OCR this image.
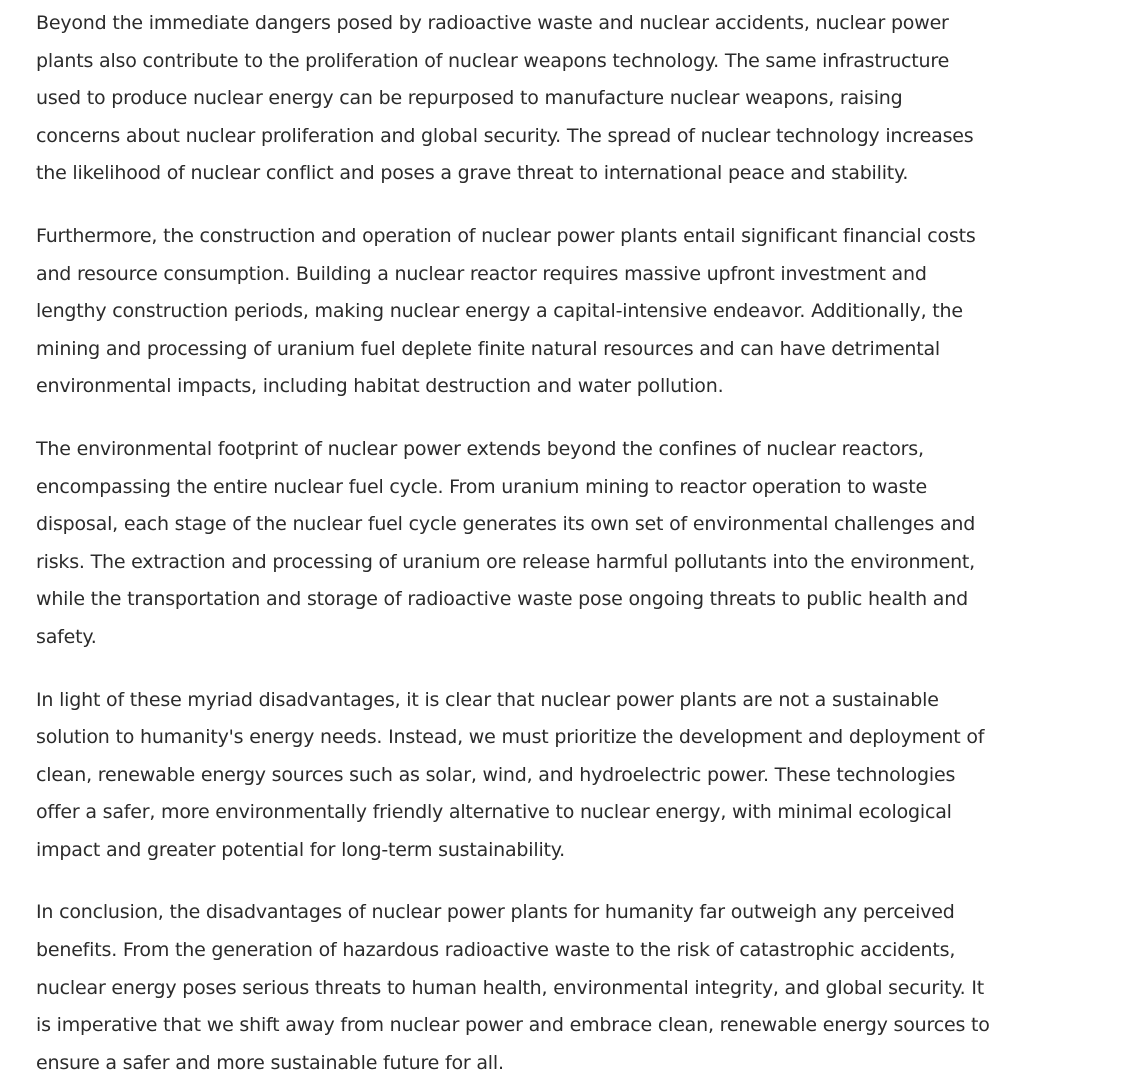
Beyond the immediate dangers posed by radioactive waste and nuclear accidents, nuclear power plants also contribute to the proliferation of nuclear weapons technology. The same infrastructure used to produce nuclear energy can be repurposed to manufacture nuclear weapons, raising concerns about nuclear proliferation and global security. The spread of nuclear technology increases the likelihood of nuclear conflict and poses a grave threat to international peace and stability.

Furthermore, the construction and operation of nuclear power plants entail significant financial costs and resource consumption. Building a nuclear reactor requires massive upfront investment and lengthy construction periods, making nuclear energy a capital-intensive endeavor. Additionally, the mining and processing of uranium fuel deplete finite natural resources and can have detrimental environmental impacts, including habitat destruction and water pollution.

The environmental footprint of nuclear power extends beyond the confines of nuclear reactors, encompassing the entire nuclear fuel cycle. From uranium mining to reactor operation to waste disposal, each stage of the nuclear fuel cycle generates its own set of environmental challenges and risks. The extraction and processing of uranium ore release harmful pollutants into the environment, while the transportation and storage of radioactive waste pose ongoing threats to public health and safety.

In light of these myriad disadvantages, it is clear that nuclear power plants are not a sustainable solution to humanity's energy needs. Instead, we must prioritize the development and deployment of clean, renewable energy sources such as solar, wind, and hydroelectric power. These technologies offer a safer, more environmentally friendly alternative to nuclear energy, with minimal ecological impact and greater potential for long-term sustainability.

In conclusion, the disadvantages of nuclear power plants for humanity far outweigh any perceived benefits. From the generation of hazardous radioactive waste to the risk of catastrophic accidents, nuclear energy poses serious threats to human health, environmental integrity, and global security. It is imperative that we shift away from nuclear power and embrace clean, renewable energy sources to ensure a safer and more sustainable future for all.
